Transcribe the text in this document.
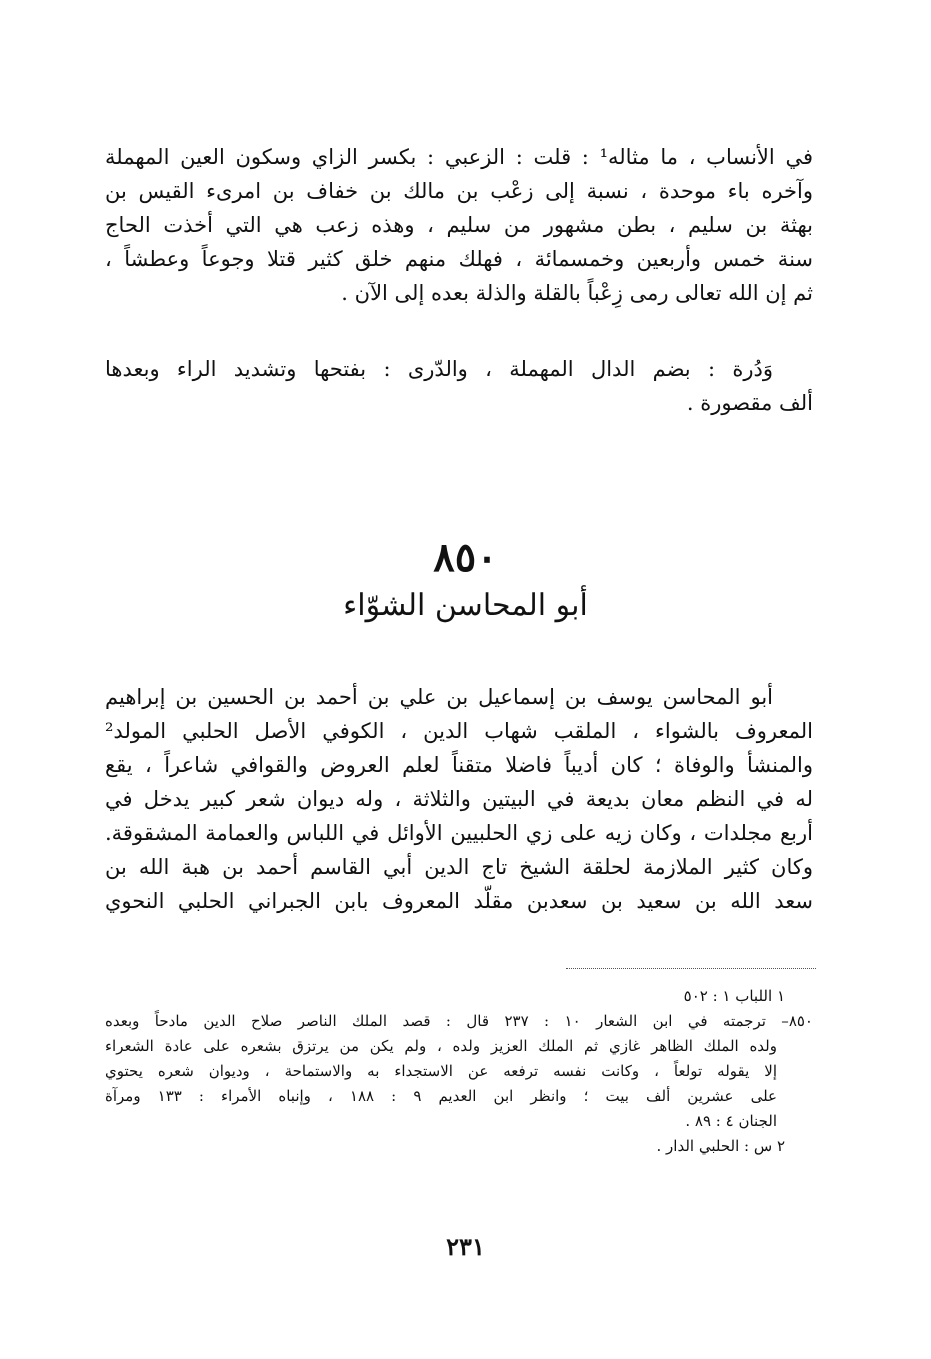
في الأنساب ، ما مثاله¹ : قلت : الزعبي : بكسر الزاي وسكون العين المهملة
وآخره باء موحدة ، نسبة إلى زعْب بن مالك بن خفاف بن امرىء القيس بن
بهثة بن سليم ، بطن مشهور من سليم ، وهذه زعب هي التي أخذت الحاج
سنة خمس وأربعين وخمسمائة ، فهلك منهم خلق كثير قتلا وجوعاً وعطشاً ،
ثم إن الله تعالى رمى زِعْباً بالقلة والذلة بعده إلى الآن .
وَدُرة : بضم الدال المهملة ، والدّرى : بفتحها وتشديد الراء وبعدها
ألف مقصورة .
٨٥٠
أبو المحاسن الشوّاء
أبو المحاسن يوسف بن إسماعيل بن علي بن أحمد بن الحسين بن إبراهيم
المعروف بالشواء ، الملقب شهاب الدين ، الكوفي الأصل الحلبي المولد²
والمنشأ والوفاة ؛ كان أديباً فاضلا متقناً لعلم العروض والقوافي شاعراً ، يقع
له في النظم معان بديعة في البيتين والثلاثة ، وله ديوان شعر كبير يدخل في
أربع مجلدات ، وكان زيه على زي الحلبيين الأوائل في اللباس والعمامة المشقوقة.
وكان كثير الملازمة لحلقة الشيخ تاج الدين أبي القاسم أحمد بن هبة الله بن
سعد الله بن سعيد بن سعدبن مقلّد المعروف بابن الجبراني الحلبي النحوي
١ اللباب ١ : ٥٠٢
٨٥٠– ترجمته في ابن الشعار ١٠ : ٢٣٧ قال : قصد الملك الناصر صلاح الدين مادحاً وبعده
ولده الملك الظاهر غازي ثم الملك العزيز ولده ، ولم يكن من يرتزق بشعره على عادة الشعراء
إلا يقوله تولعاً ، وكانت نفسه ترفعه عن الاستجداء به والاستماحة ، وديوان شعره يحتوي
على عشرين ألف بيت ؛ وانظر ابن العديم ٩ : ١٨٨ ، وإنباه الأمراء : ١٣٣ ومرآة
الجنان ٤ : ٨٩ .
٢ س : الحلبي الدار .
٢٣١
